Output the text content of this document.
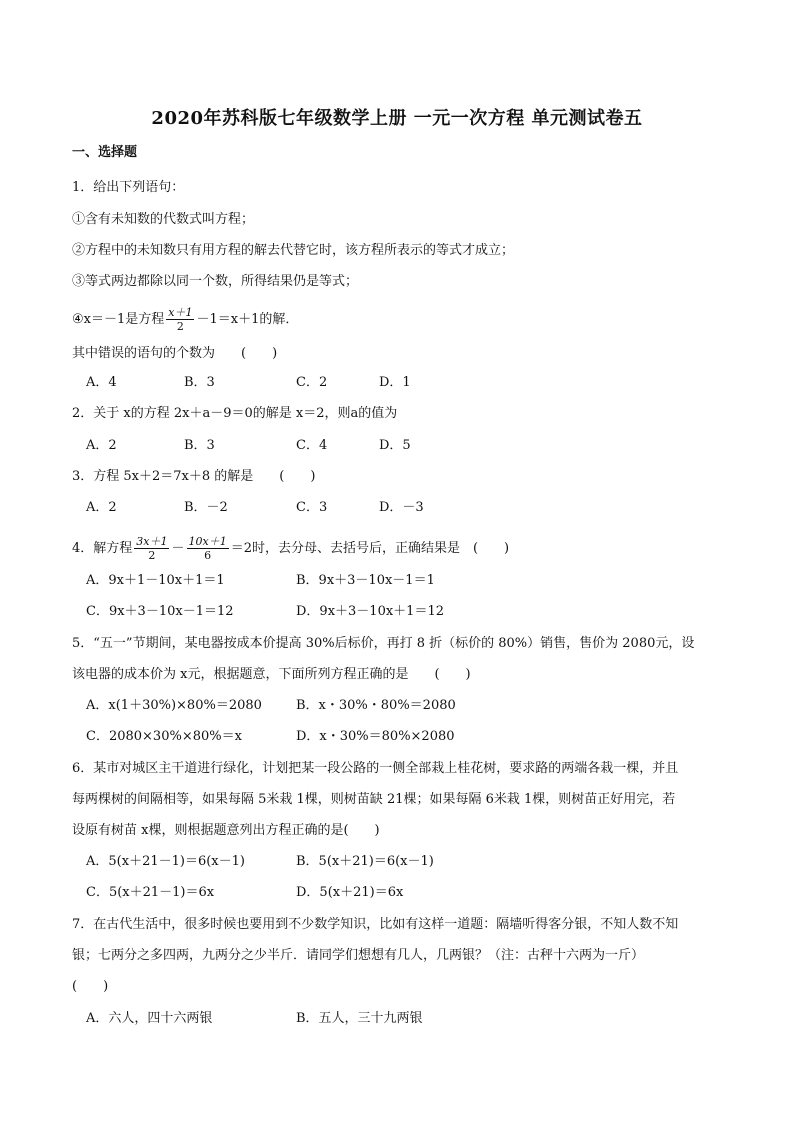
2020年苏科版七年级数学上册 一元一次方程 单元测试卷五
一、选择题
1．给出下列语句：
①含有未知数的代数式叫方程；
②方程中的未知数只有用方程的解去代替它时，该方程所表示的等式才成立；
③等式两边都除以同一个数，所得结果仍是等式；
④x＝－1是方程 $\frac{x+1}{2} -1=x+1$的解．
其中错误的语句的个数为　　(　　)
A．4	B．3	C．2	D．1
2．关于 x的方程 2x＋a－9＝0的解是 x＝2，则a的值为
A．2	B．3	C．4	D．5
3．方程 5x＋2＝7x＋8 的解是　　(　　)
A．2	B．－2	C．3	D．－3
4．解方程 $\frac{3x+1}{2} - \frac{10x+1}{6} =2$时，去分母、去括号后，正确结果是　(　　)
A．9x＋1－10x＋1＝1	B．9x＋3－10x－1＝1
C．9x＋3－10x－1＝12	D．9x＋3－10x＋1＝12
5．“五一”节期间，某电器按成本价提高 30%后标价，再打 8 折（标价的 80%）销售，售价为 2080元，设
该电器的成本价为 x元，根据题意，下面所列方程正确的是　　(　　)
A．x(1＋30%)×80%＝2080	B．x・30%・80%＝2080
C．2080×30%×80%＝x	D．x・30%＝80%×2080
6．某市对城区主干道进行绿化，计划把某一段公路的一侧全部栽上桂花树，要求路的两端各栽一棵，并且
每两棵树的间隔相等，如果每隔 5米栽 1棵，则树苗缺 21棵；如果每隔 6米栽 1棵，则树苗正好用完，若
设原有树苗 x棵，则根据题意列出方程正确的是(　　)
A．5(x＋21－1)＝6(x－1)	B．5(x＋21)＝6(x－1)
C．5(x＋21－1)＝6x	D．5(x＋21)＝6x
7．在古代生活中，很多时候也要用到不少数学知识，比如有这样一道题：隔墙听得客分银，不知人数不知
银；七两分之多四两，九两分之少半斤．请同学们想想有几人，几两银？（注：古秤十六两为一斤）
(　　)
A．六人，四十六两银	B．五人，三十九两银
